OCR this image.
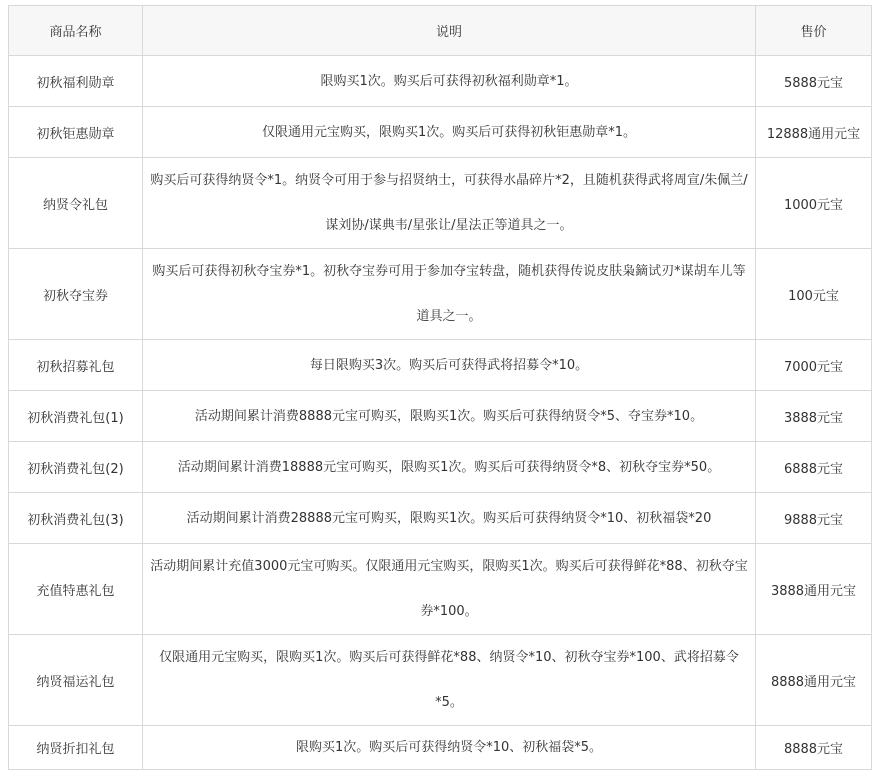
商品名称	说明	售价
初秋福利勋章	限购买1次。购买后可获得初秋福利勋章*1。	5888元宝
初秋钜惠勋章	仅限通用元宝购买，限购买1次。购买后可获得初秋钜惠勋章*1。	12888通用元宝
纳贤令礼包	购买后可获得纳贤令*1。纳贤令可用于参与招贤纳士，可获得水晶碎片*2，且随机获得武将周宣/朱佩兰/谋刘协/谋典韦/星张让/星法正等道具之一。	1000元宝
初秋夺宝券	购买后可获得初秋夺宝券*1。初秋夺宝券可用于参加夺宝转盘，随机获得传说皮肤枭鏑试刃*谋胡车儿等道具之一。	100元宝
初秋招募礼包	每日限购买3次。购买后可获得武将招募令*10。	7000元宝
初秋消费礼包(1)	活动期间累计消费8888元宝可购买，限购买1次。购买后可获得纳贤令*5、夺宝券*10。	3888元宝
初秋消费礼包(2)	活动期间累计消费18888元宝可购买，限购买1次。购买后可获得纳贤令*8、初秋夺宝券*50。	6888元宝
初秋消费礼包(3)	活动期间累计消费28888元宝可购买，限购买1次。购买后可获得纳贤令*10、初秋福袋*20	9888元宝
充值特惠礼包	活动期间累计充值3000元宝可购买。仅限通用元宝购买，限购买1次。购买后可获得鲜花*88、初秋夺宝券*100。	3888通用元宝
纳贤福运礼包	仅限通用元宝购买，限购买1次。购买后可获得鲜花*88、纳贤令*10、初秋夺宝券*100、武将招募令*5。	8888通用元宝
纳贤折扣礼包	限购买1次。购买后可获得纳贤令*10、初秋福袋*5。	8888元宝
